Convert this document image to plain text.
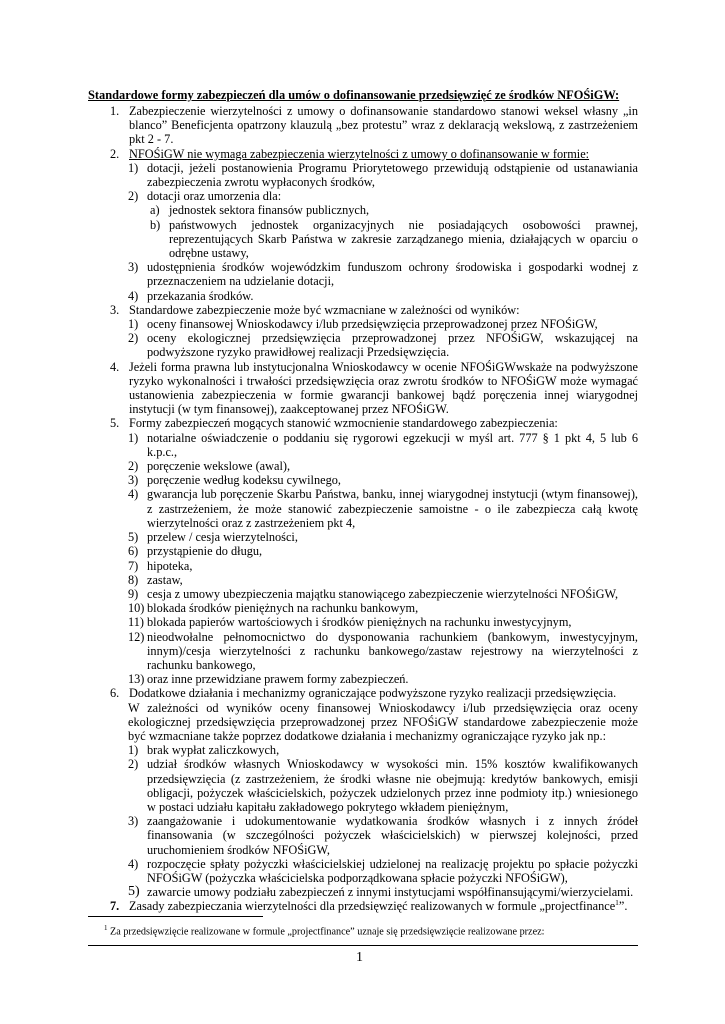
Standardowe formy zabezpieczeń dla umów o dofinansowanie przedsięwzięć ze środków NFOŚiGW:
1. Zabezpieczenie wierzytelności z umowy o dofinansowanie standardowo stanowi weksel własny „in blanco” Beneficjenta opatrzony klauzulą „bez protestu” wraz z deklaracją wekslową, z zastrzeżeniem pkt 2 - 7.
2. NFOŚiGW nie wymaga zabezpieczenia wierzytelności z umowy o dofinansowanie w formie:
1) dotacji, jeżeli postanowienia Programu Priorytetowego przewidują odstąpienie od ustanawiania zabezpieczenia zwrotu wypłaconych środków,
2) dotacji oraz umorzenia dla:
a) jednostek sektora finansów publicznych,
b) państwowych jednostek organizacyjnych nie posiadających osobowości prawnej, reprezentujących Skarb Państwa w zakresie zarządzanego mienia, działających w oparciu o odrębne ustawy,
3) udostępnienia środków wojewódzkim funduszom ochrony środowiska i gospodarki wodnej z przeznaczeniem na udzielanie dotacji,
4) przekazania środków.
3. Standardowe zabezpieczenie może być wzmacniane w zależności od wyników:
1) oceny finansowej Wnioskodawcy i/lub przedsięwzięcia przeprowadzonej przez NFOŚiGW,
2) oceny ekologicznej przedsięwzięcia przeprowadzonej przez NFOŚiGW, wskazującej na podwyższone ryzyko prawidłowej realizacji Przedsięwzięcia.
4. Jeżeli forma prawna lub instytucjonalna Wnioskodawcy w ocenie NFOŚiGWwskaże na podwyższone ryzyko wykonalności i trwałości przedsięwzięcia oraz zwrotu środków to NFOŚiGW może wymagać ustanowienia zabezpieczenia w formie gwarancji bankowej bądź poręczenia innej wiarygodnej instytucji (w tym finansowej), zaakceptowanej przez NFOŚiGW.
5. Formy zabezpieczeń mogących stanowić wzmocnienie standardowego zabezpieczenia:
1) notarialne oświadczenie o poddaniu się rygorowi egzekucji w myśl art. 777 § 1 pkt 4, 5 lub 6 k.p.c.,
2) poręczenie wekslowe (awal),
3) poręczenie według kodeksu cywilnego,
4) gwarancja lub poręczenie Skarbu Państwa, banku, innej wiarygodnej instytucji (wtym finansowej), z zastrzeżeniem, że może stanowić zabezpieczenie samoistne - o ile zabezpiecza całą kwotę wierzytelności oraz z zastrzeżeniem pkt 4,
5) przelew / cesja wierzytelności,
6) przystąpienie do długu,
7) hipoteka,
8) zastaw,
9) cesja z umowy ubezpieczenia majątku stanowiącego zabezpieczenie wierzytelności NFOŚiGW,
10) blokada środków pieniężnych na rachunku bankowym,
11) blokada papierów wartościowych i środków pieniężnych na rachunku inwestycyjnym,
12) nieodwołalne pełnomocnictwo do dysponowania rachunkiem (bankowym, inwestycyjnym, innym)/cesja wierzytelności z rachunku bankowego/zastaw rejestrowy na wierzytelności z rachunku bankowego,
13) oraz inne przewidziane prawem formy zabezpieczeń.
6. Dodatkowe działania i mechanizmy ograniczające podwyższone ryzyko realizacji przedsięwzięcia.
W zależności od wyników oceny finansowej Wnioskodawcy i/lub przedsięwzięcia oraz oceny ekologicznej przedsięwzięcia przeprowadzonej przez NFOŚiGW standardowe zabezpieczenie może być wzmacniane także poprzez dodatkowe działania i mechanizmy ograniczające ryzyko jak np.:
1) brak wypłat zaliczkowych,
2) udział środków własnych Wnioskodawcy w wysokości min. 15% kosztów kwalifikowanych przedsięwzięcia (z zastrzeżeniem, że środki własne nie obejmują: kredytów bankowych, emisji obligacji, pożyczek właścicielskich, pożyczek udzielonych przez inne podmioty itp.) wniesionego w postaci udziału kapitału zakładowego pokrytego wkładem pieniężnym,
3) zaangażowanie i udokumentowanie wydatkowania środków własnych i z innych źródeł finansowania (w szczególności pożyczek właścicielskich) w pierwszej kolejności, przed uruchomieniem środków NFOŚiGW,
4) rozpoczęcie spłaty pożyczki właścicielskiej udzielonej na realizację projektu po spłacie pożyczki NFOŚiGW (pożyczka właścicielska podporządkowana spłacie pożyczki NFOŚiGW),
5) zawarcie umowy podziału zabezpieczeń z innymi instytucjami współfinansującymi/wierzycielami.
7. Zasady zabezpieczania wierzytelności dla przedsięwzięć realizowanych w formule „projectfinance$^1$”.
$^1$ Za przedsięwzięcie realizowane w formule „projectfinance” uznaje się przedsięwzięcie realizowane przez:
1
